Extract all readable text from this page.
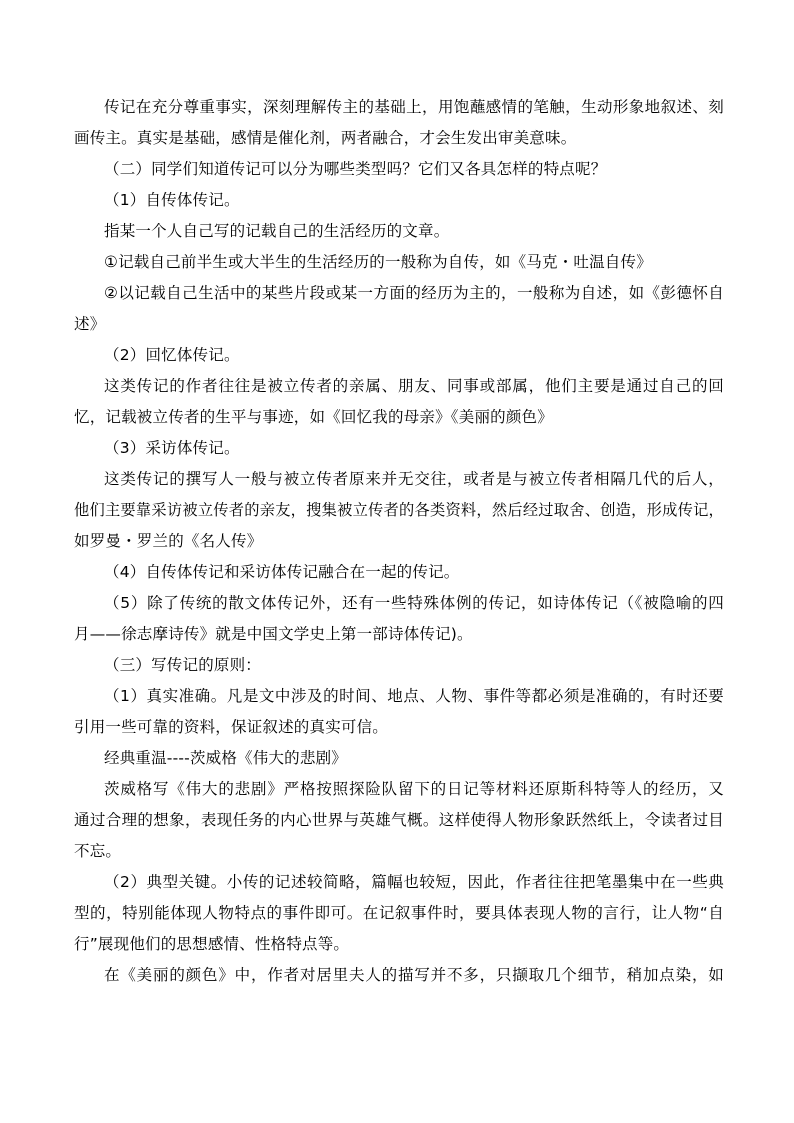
传记在充分尊重事实，深刻理解传主的基础上，用饱蘸感情的笔触，生动形象地叙述、刻
画传主。真实是基础，感情是催化剂，两者融合，才会生发出审美意味。
（二）同学们知道传记可以分为哪些类型吗？它们又各具怎样的特点呢？
（1）自传体传记。
指某一个人自己写的记载自己的生活经历的文章。
①记载自己前半生或大半生的生活经历的一般称为自传，如《马克・吐温自传》
②以记载自己生活中的某些片段或某一方面的经历为主的，一般称为自述，如《彭德怀自
述》
（2）回忆体传记。
这类传记的作者往往是被立传者的亲属、朋友、同事或部属，他们主要是通过自己的回
忆，记载被立传者的生平与事迹，如《回忆我的母亲》《美丽的颜色》
（3）采访体传记。
这类传记的撰写人一般与被立传者原来并无交往，或者是与被立传者相隔几代的后人，
他们主要靠采访被立传者的亲友，搜集被立传者的各类资料，然后经过取舍、创造，形成传记，
如罗曼・罗兰的《名人传》
（4）自传体传记和采访体传记融合在一起的传记。
（5）除了传统的散文体传记外，还有一些特殊体例的传记，如诗体传记（《被隐喻的四
月——徐志摩诗传》就是中国文学史上第一部诗体传记)。
（三）写传记的原则：
（1）真实准确。凡是文中涉及的时间、地点、人物、事件等都必须是准确的，有时还要
引用一些可靠的资料，保证叙述的真实可信。
经典重温----茨威格《伟大的悲剧》
茨威格写《伟大的悲剧》严格按照探险队留下的日记等材料还原斯科特等人的经历，又
通过合理的想象，表现任务的内心世界与英雄气概。这样使得人物形象跃然纸上，令读者过目
不忘。
（2）典型关键。小传的记述较简略，篇幅也较短，因此，作者往往把笔墨集中在一些典
型的，特别能体现人物特点的事件即可。在记叙事件时，要具体表现人物的言行，让人物“自
行”展现他们的思想感情、性格特点等。
在《美丽的颜色》中，作者对居里夫人的描写并不多，只撷取几个细节，稍加点染，如
